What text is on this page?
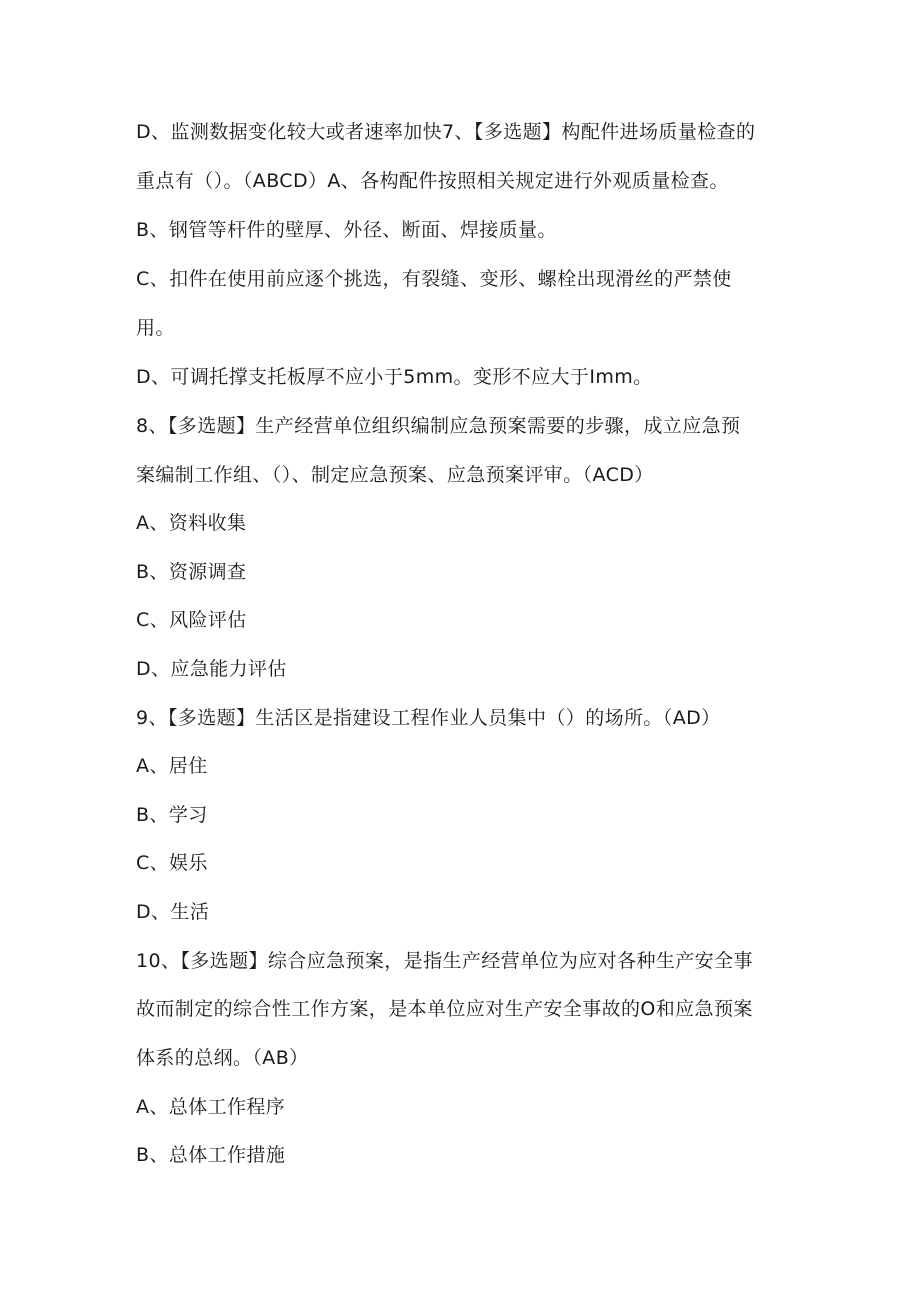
D、监测数据变化较大或者速率加快7、【多选题】构配件进场质量检查的
重点有（）。（ABCD）A、各构配件按照相关规定进行外观质量检查。
B、钢管等杆件的壁厚、外径、断面、焊接质量。
C、扣件在使用前应逐个挑选，有裂缝、变形、螺栓出现滑丝的严禁使
用。
D、可调托撑支托板厚不应小于5mm。变形不应大于Imm。
8、【多选题】生产经营单位组织编制应急预案需要的步骤，成立应急预
案编制工作组、（）、制定应急预案、应急预案评审。（ACD）
A、资料收集
B、资源调查
C、风险评估
D、应急能力评估
9、【多选题】生活区是指建设工程作业人员集中（）的场所。（AD）
A、居住
B、学习
C、娱乐
D、生活
10、【多选题】综合应急预案，是指生产经营单位为应对各种生产安全事
故而制定的综合性工作方案，是本单位应对生产安全事故的O和应急预案
体系的总纲。（AB）
A、总体工作程序
B、总体工作措施
